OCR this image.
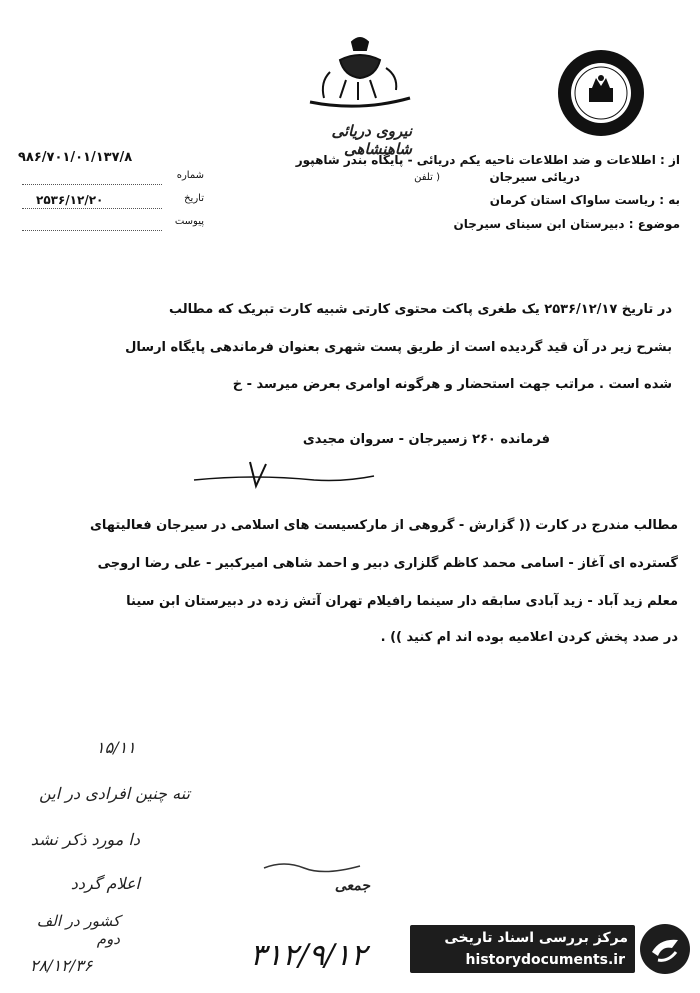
نیروی دریائی شاهنشاهی
۹۸۶/۷۰۱/۰۱/۱۳۷/۸
شماره
تاریخ
۲۵۳۶/۱۲/۲۰
پیوست
از : اطلاعات و ضد اطلاعات ناحیه یکم دریائی - پایگاه بندر شاهپور
( تلفن	دریائی سیرجان
به : ریاست ساواک استان کرمان
موضوع : دبیرستان ابن سینای سیرجان
در تاریخ ۲۵۳۶/۱۲/۱۷ یک طغری پاکت محتوی کارتی شبیه کارت تبریک که مطالب
بشرح زیر در آن قید گردیده است از طریق پست شهری بعنوان فرماندهی پایگاه ارسال
شده است . مراتب جهت استحضار و هرگونه اوامری بعرض میرسد - خ
فرمانده ۲۶۰ زسیرجان - سروان مجیدی
مطالب مندرج در کارت (( گزارش - گروهی از مارکسیست های اسلامی در سیرجان فعالیتهای
گسترده ای آغاز - اسامی محمد کاظم گلزاری دبیر و احمد شاهی امیرکبیر - علی رضا اروجی
معلم زید آباد - زید آبادی سابقه دار سینما رافیلام تهران آتش زده در دبیرستان ابن سینا
در صدد پخش کردن اعلامیه بوده اند ام کنید )) .
۱۵/۱۱
تنه چنین افرادی در این
دا مورد ذکر نشد
اعلام گردد
کشور در الف دوم
۲۸/۱۲/۳۶
جمعی
۳۱۲/۹/۱۲	مرکز بررسی اسناد تاریخی
historydocuments.ir
